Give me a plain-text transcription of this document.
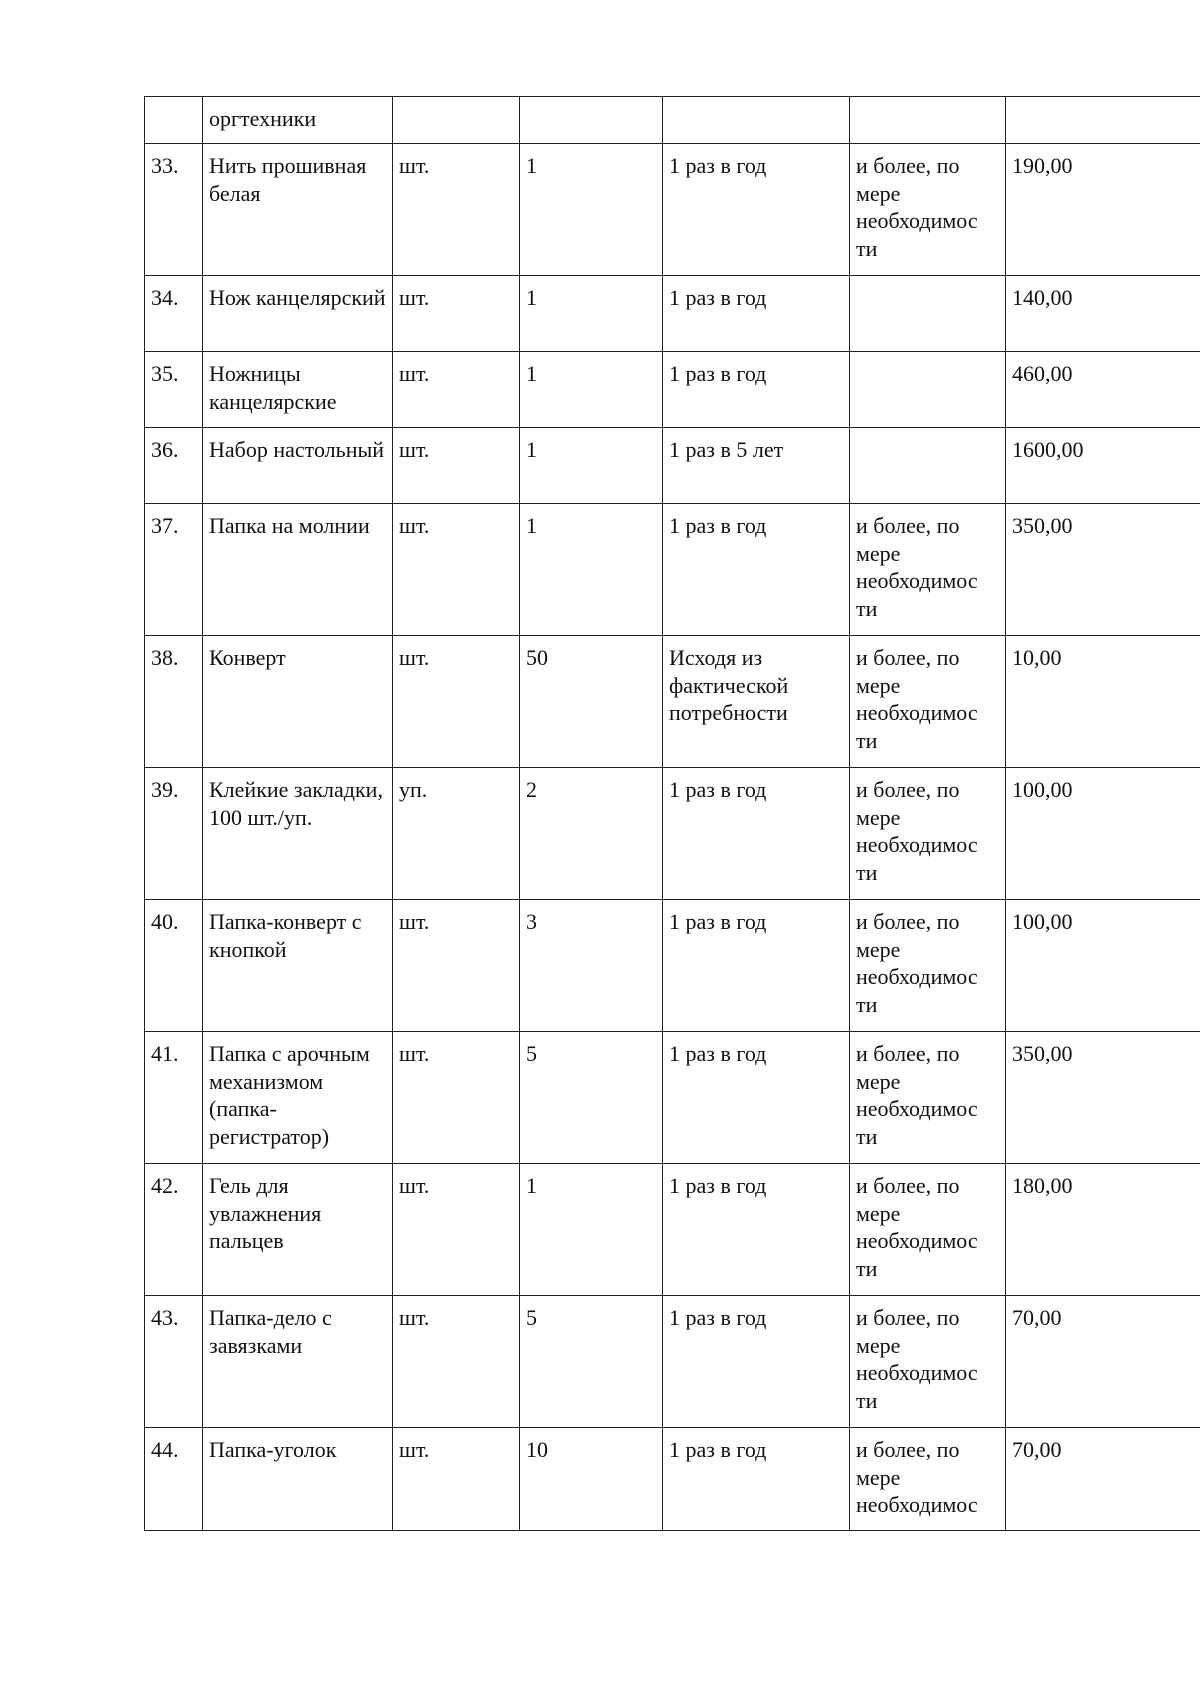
	оргтехники					
33.	Нить прошивная белая	шт.	1	1 раз в год	и более, по мере необходимос ти	190,00
34.	Нож канцелярский	шт.	1	1 раз в год		140,00
35.	Ножницы канцелярские	шт.	1	1 раз в год		460,00
36.	Набор настольный	шт.	1	1 раз в 5 лет		1600,00
37.	Папка на молнии	шт.	1	1 раз в год	и более, по мере необходимос ти	350,00
38.	Конверт	шт.	50	Исходя из фактической потребности	и более, по мере необходимос ти	10,00
39.	Клейкие закладки, 100 шт./уп.	уп.	2	1 раз в год	и более, по мере необходимос ти	100,00
40.	Папка-конверт с кнопкой	шт.	3	1 раз в год	и более, по мере необходимос ти	100,00
41.	Папка с арочным механизмом (папка-регистратор)	шт.	5	1 раз в год	и более, по мере необходимос ти	350,00
42.	Гель для увлажнения пальцев	шт.	1	1 раз в год	и более, по мере необходимос ти	180,00
43.	Папка-дело с завязками	шт.	5	1 раз в год	и более, по мере необходимос ти	70,00
44.	Папка-уголок	шт.	10	1 раз в год	и более, по мере необходимос	70,00
